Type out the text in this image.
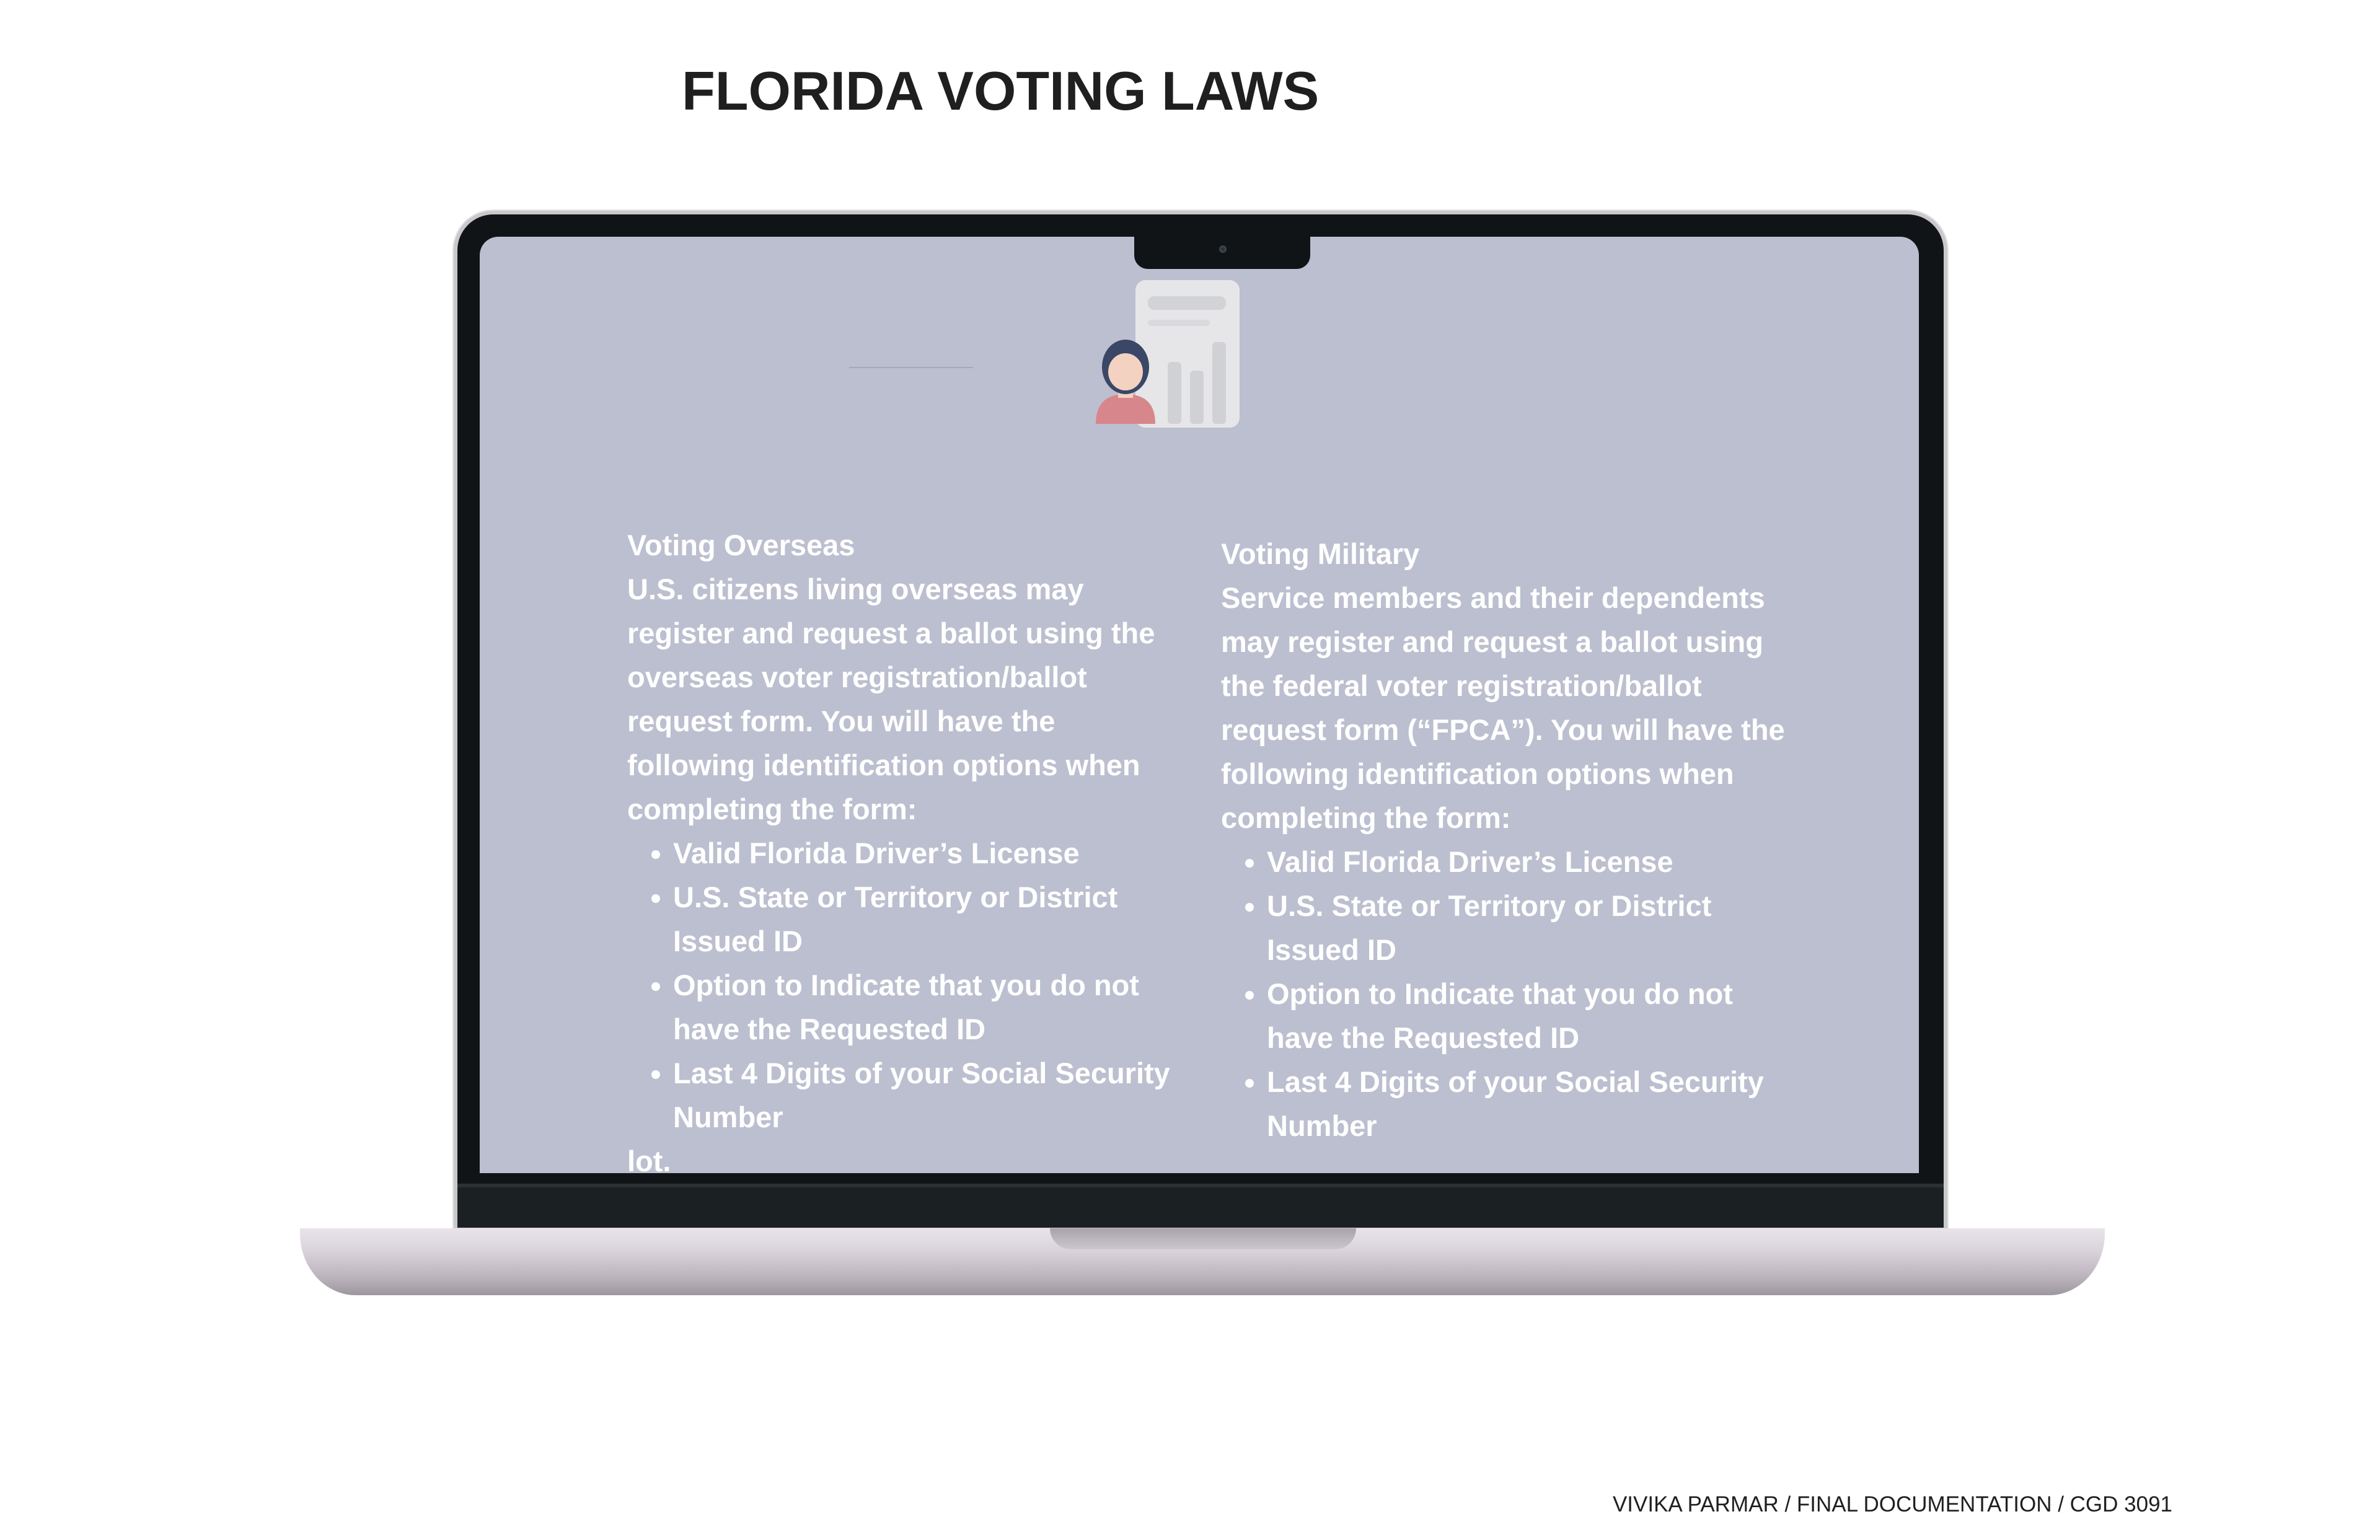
FLORIDA VOTING LAWS
Voting Overseas

U.S. citizens living overseas may register and request a ballot using the overseas voter registration/ballot request form. You will have the following identification options when completing the form:

• Valid Florida Driver’s License
• U.S. State or Territory or District Issued ID
• Option to Indicate that you do not have the Requested ID
• Last 4 Digits of your Social Security Number
lot.
Voting Military

Service members and their dependents may register and request a ballot using the federal voter registration/ballot request form (“FPCA”). You will have the following identification options when completing the form:

• Valid Florida Driver’s License
• U.S. State or Territory or District Issued ID
• Option to Indicate that you do not have the Requested ID
• Last 4 Digits of your Social Security Number
VIVIKA PARMAR / FINAL DOCUMENTATION / CGD 3091
